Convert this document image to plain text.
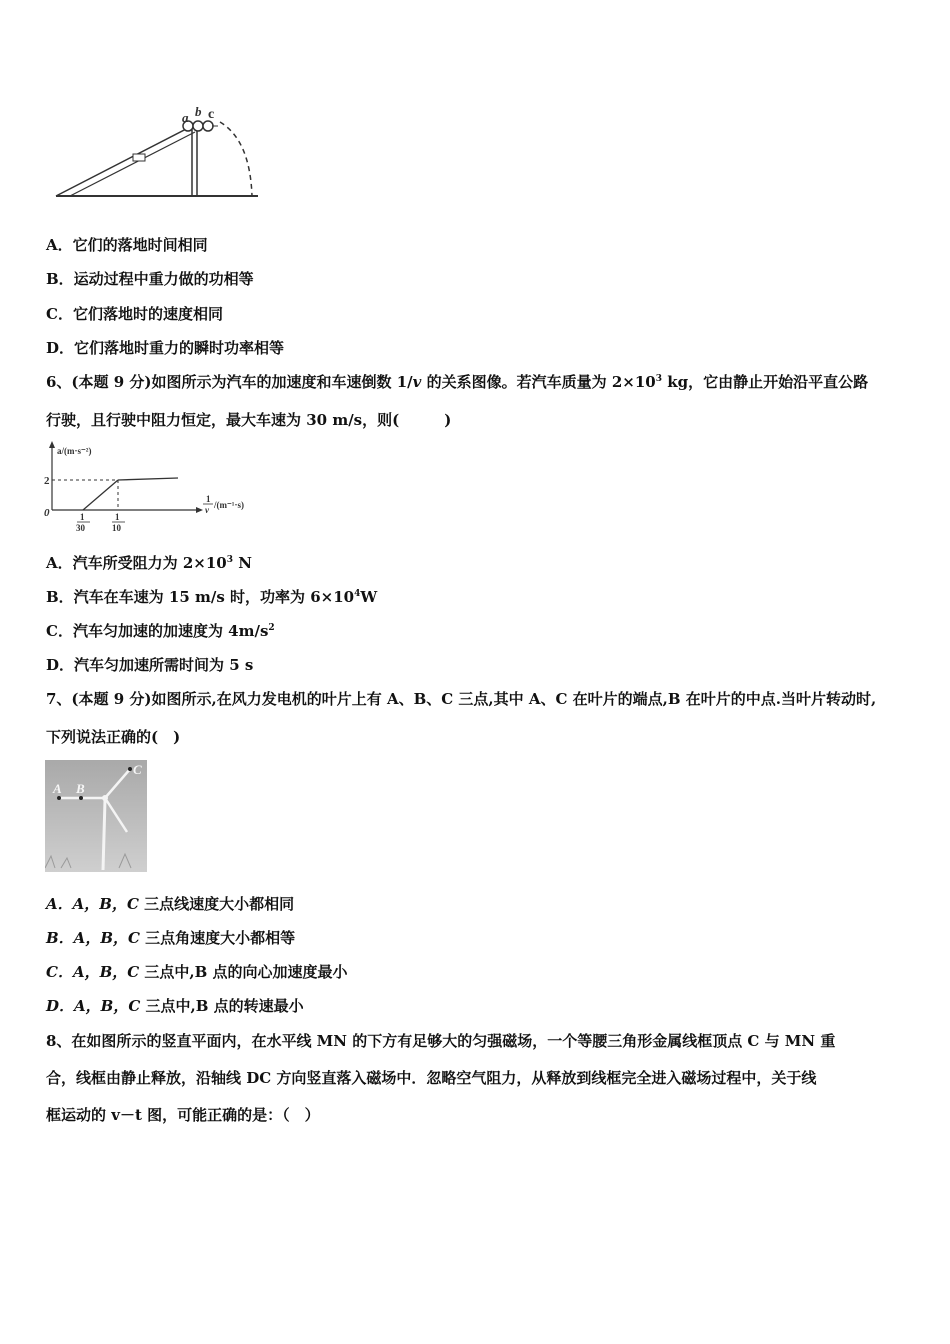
a b c
A．它们的落地时间相同
B．运动过程中重力做的功相等
C．它们落地时的速度相同
D．它们落地时重力的瞬时功率相等
6、(本题 9 分)如图所示为汽车的加速度和车速倒数 1/v 的关系图像。若汽车质量为 $2\times 10^3$ kg，它由静止开始沿平直公路
行驶，且行驶中阻力恒定，最大车速为 30 m/s，则(　　　)
a/(m·s⁻²)
2
0	1
30
1
10
1
v /(m⁻¹·s)
A．汽车所受阻力为 $2\times 10^3$ N
B．汽车在车速为 15 m/s 时，功率为 $6\times 10^4W$
C．汽车匀加速的加速度为 $4m/s^2$
D．汽车匀加速所需时间为 5 s
7、(本题 9 分)如图所示,在风力发电机的叶片上有 A、B、C 三点,其中 A、C 在叶片的端点,B 在叶片的中点.当叶片转动时,
下列说法正确的(　)
A B
C
A．A，B，C 三点线速度大小都相同
B．A，B，C 三点角速度大小都相等
C．A，B，C 三点中,B 点的向心加速度最小
D．A，B，C 三点中,B 点的转速最小
8、在如图所示的竖直平面内，在水平线 MN 的下方有足够大的匀强磁场，一个等腰三角形金属线框顶点 C 与 MN 重
合，线框由静止释放，沿轴线 DC 方向竖直落入磁场中．忽略空气阻力，从释放到线框完全进入磁场过程中，关于线
框运动的 v－t 图，可能正确的是：（　）
